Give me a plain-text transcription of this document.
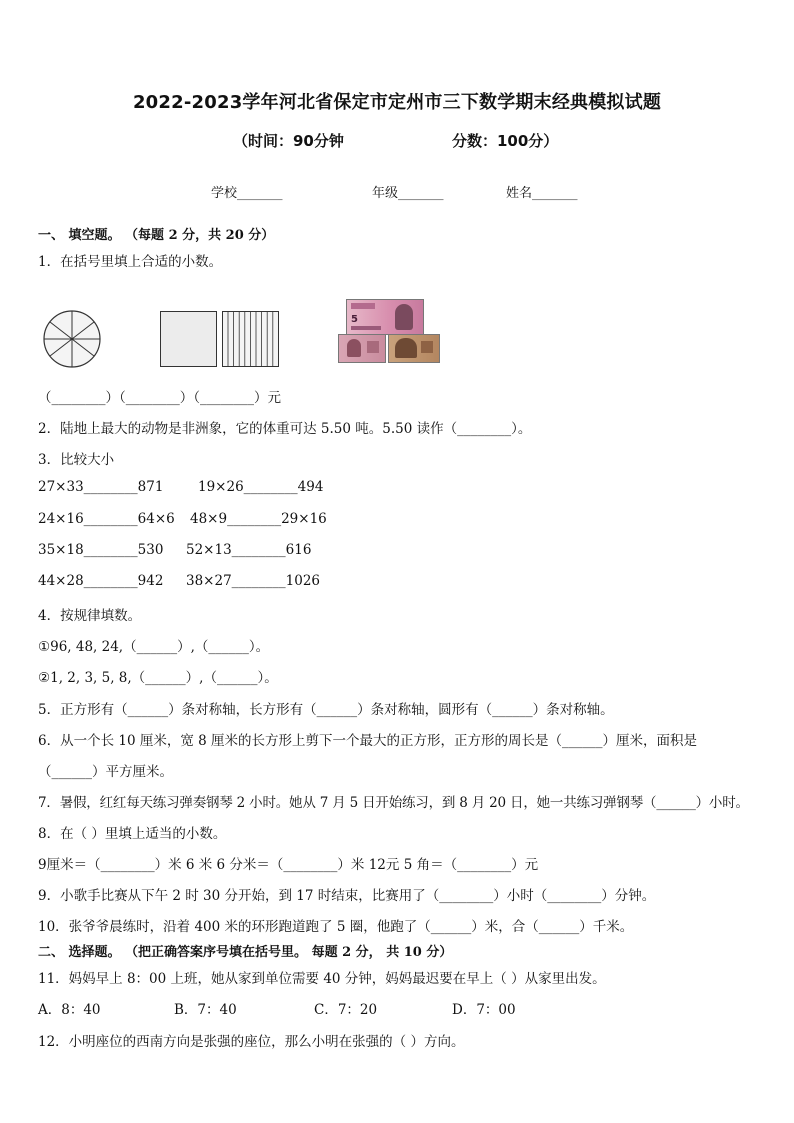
2022-2023学年河北省保定市定州市三下数学期末经典模拟试题
（时间：90分钟	分数：100分）
学校_______	年级_______	姓名_______
一、 填空题。 （每题 2 分，共 20 分）
1．在括号里填上合适的小数。
5
（________）（________）（________）元
2．陆地上最大的动物是非洲象，它的体重可达 5.50 吨。5.50 读作（________）。
3．比较大小
27×33________871	19×26________494
24×16________64×6 48×9________29×16
35×18________530 52×13________616
44×28________942 38×27________1026
4．按规律填数。
①96, 48, 24,（______）,（______）。
②1, 2, 3, 5, 8,（______）,（______）。
5．正方形有（______）条对称轴，长方形有（______）条对称轴，圆形有（______）条对称轴。
6．从一个长 10 厘米，宽 8 厘米的长方形上剪下一个最大的正方形，正方形的周长是（______）厘米，面积是
（______）平方厘米。
7．暑假，红红每天练习弹奏钢琴 2 小时。她从 7 月 5 日开始练习，到 8 月 20 日，她一共练习弹钢琴（______）小时。
8．在（ ）里填上适当的小数。
9厘米＝（________）米 6 米 6 分米＝（________）米 12元 5 角＝（________）元
9．小歌手比赛从下午 2 时 30 分开始，到 17 时结束，比赛用了（________）小时（________）分钟。
10．张爷爷晨练时，沿着 400 米的环形跑道跑了 5 圈，他跑了（______）米，合（______）千米。
二、 选择题。 （把正确答案序号填在括号里。 每题 2 分， 共 10 分）
11．妈妈早上 8：00 上班，她从家到单位需要 40 分钟，妈妈最迟要在早上（ ）从家里出发。
A．8：40	B．7：40	C．7：20	D．7：00
12．小明座位的西南方向是张强的座位，那么小明在张强的（ ）方向。
